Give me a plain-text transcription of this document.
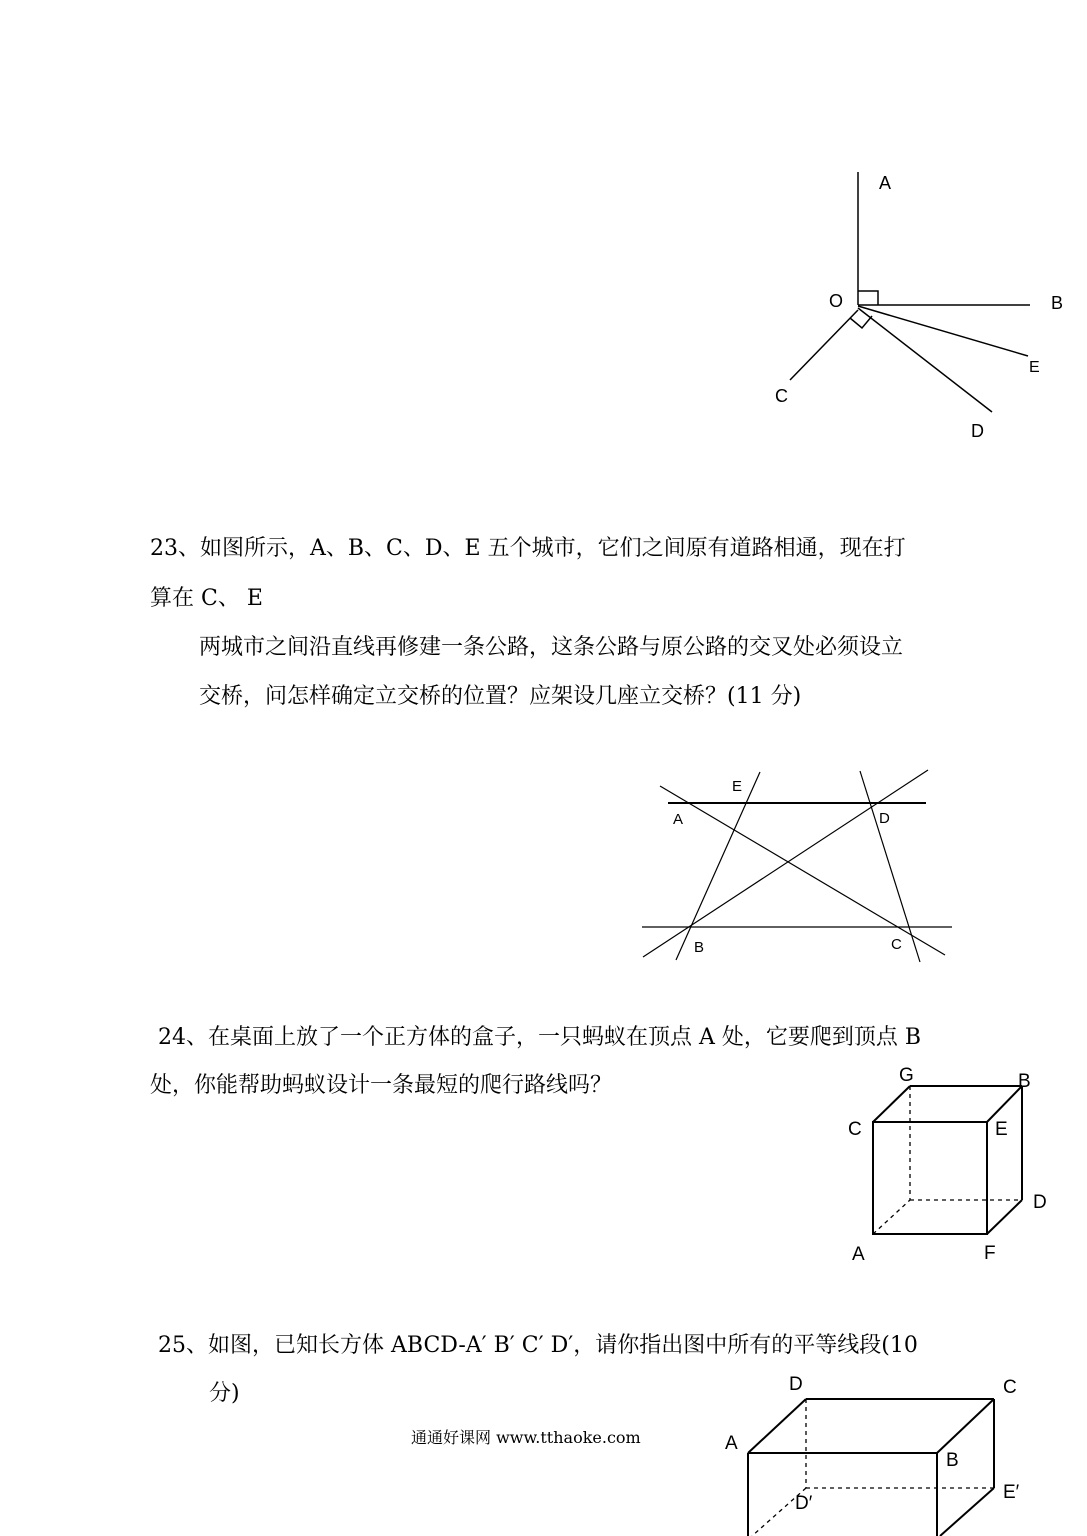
A
B
O
C
D
E
23、如图所示，A、B、C、D、E 五个城市，它们之间原有道路相通，现在打
算在 C、 E
两城市之间沿直线再修建一条公路，这条公路与原公路的交叉处必须设立
交桥，问怎样确定立交桥的位置？应架设几座立交桥？(11 分)
E
A	D
B	C
24、在桌面上放了一个正方体的盒子，一只蚂蚁在顶点 A 处，它要爬到顶点 B
处，你能帮助蚂蚁设计一条最短的爬行路线吗？	G	B
C	E
D
A	F
25、如图，已知长方体 ABCD-A′ B′ C′ D′，请你指出图中所有的平等线段(10
分)
通通好课网 www.tthaoke.com
D	C
A
B
D′
E′
